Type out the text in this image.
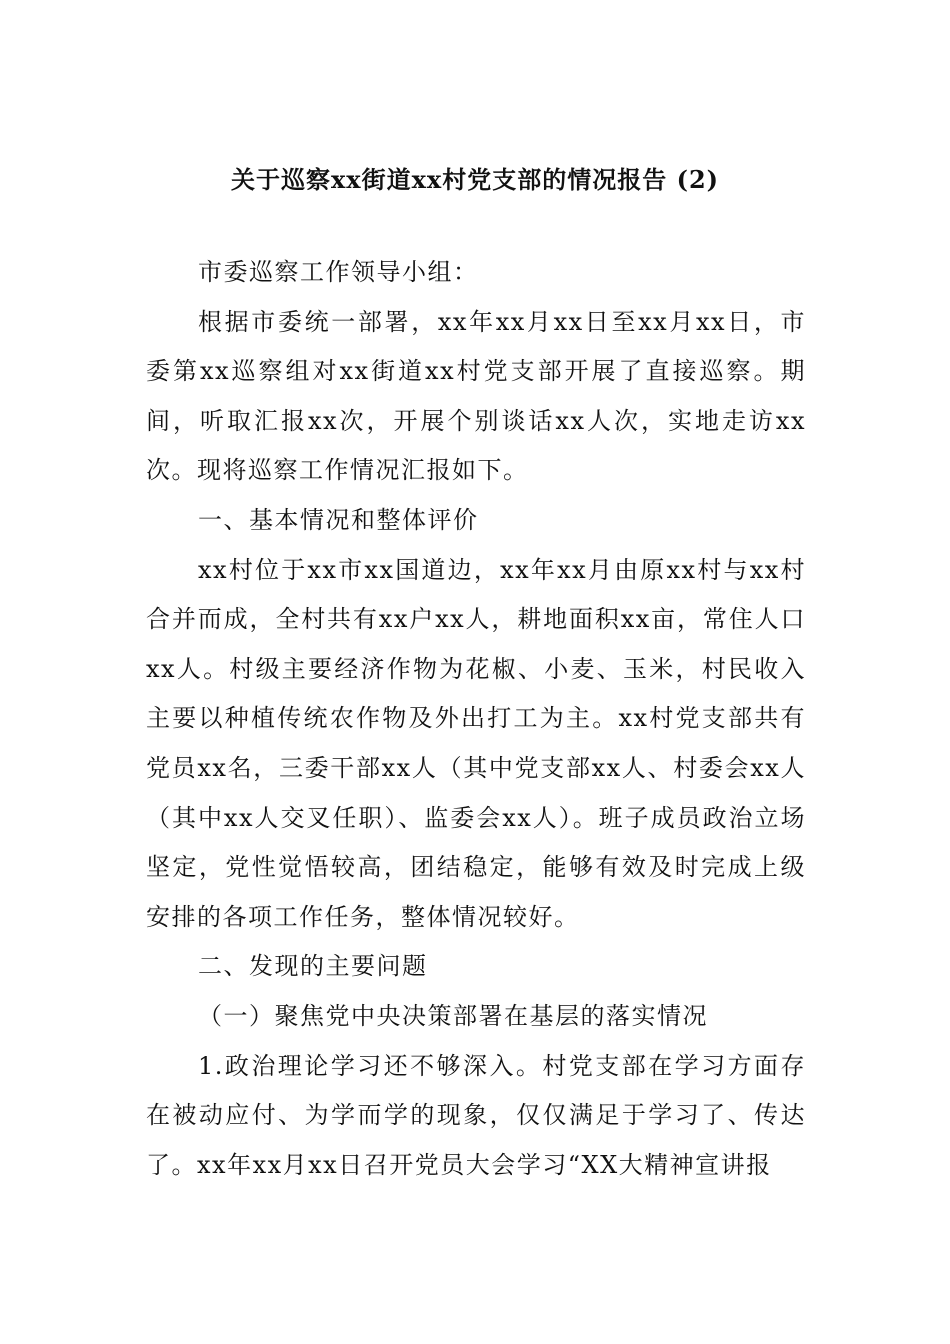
关于巡察xx街道xx村党支部的情况报告 (2)

市委巡察工作领导小组：

根据市委统一部署，xx年xx月xx日至xx月xx日，市委第xx巡察组对xx街道xx村党支部开展了直接巡察。期间，听取汇报xx次，开展个别谈话xx人次，实地走访xx次。现将巡察工作情况汇报如下。

一、基本情况和整体评价

xx村位于xx市xx国道边，xx年xx月由原xx村与xx村合并而成，全村共有xx户xx人，耕地面积xx亩，常住人口xx人。村级主要经济作物为花椒、小麦、玉米，村民收入主要以种植传统农作物及外出打工为主。xx村党支部共有党员xx名，三委干部xx人（其中党支部xx人、村委会xx人（其中xx人交叉任职）、监委会xx人）。班子成员政治立场坚定，党性觉悟较高，团结稳定，能够有效及时完成上级安排的各项工作任务，整体情况较好。

二、发现的主要问题

（一）聚焦党中央决策部署在基层的落实情况

1.政治理论学习还不够深入。村党支部在学习方面存在被动应付、为学而学的现象，仅仅满足于学习了、传达了。xx年xx月xx日召开党员大会学习“XX大精神宣讲报
